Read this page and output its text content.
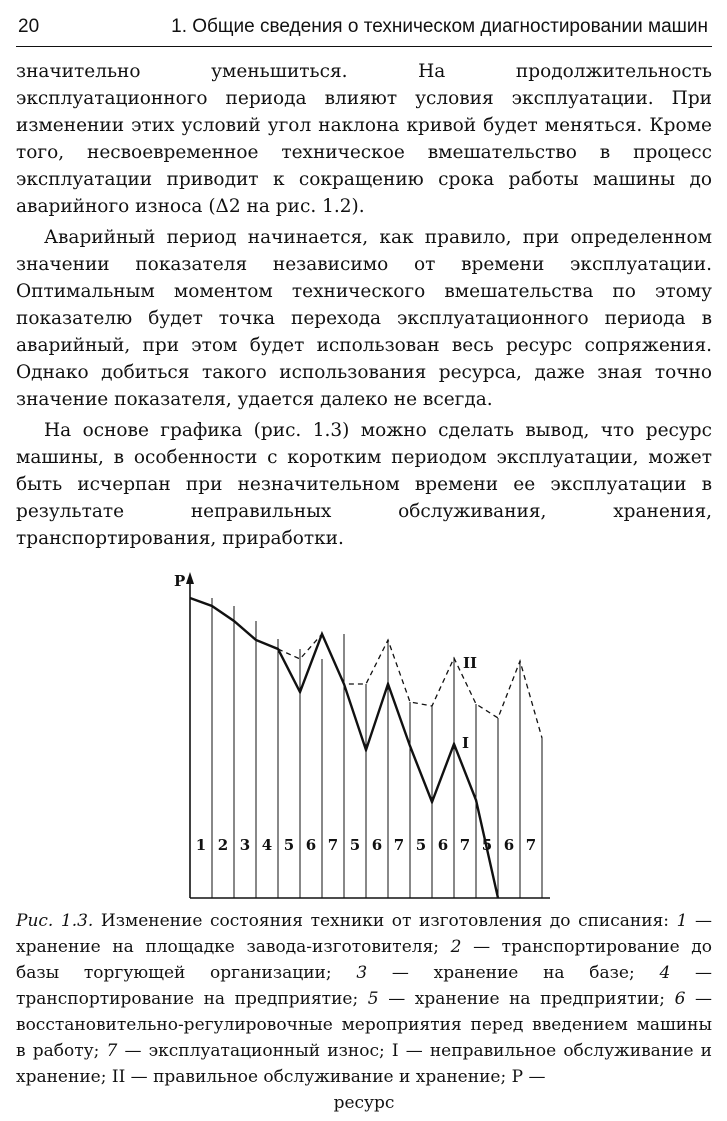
20	1. Общие сведения о техническом диагностировании машин

значительно уменьшиться. На продолжительность эксплуатационного периода влияют условия эксплуатации. При изменении этих условий угол наклона кривой будет меняться. Кроме того, несвоевременное техническое вмешательство в процесс эксплуатации приводит к сокращению срока работы машины до аварийного износа (Δ2 на рис. 1.2).

Аварийный период начинается, как правило, при определенном значении показателя независимо от времени эксплуатации. Оптимальным моментом технического вмешательства по этому показателю будет точка перехода эксплуатационного периода в аварийный, при этом будет использован весь ресурс сопряжения. Однако добиться такого использования ресурса, даже зная точно значение показателя, удается далеко не всегда.

На основе графика (рис. 1.3) можно сделать вывод, что ресурс машины, в особенности с коротким периодом эксплуатации, может быть исчерпан при незначительном времени ее эксплуатации в результате неправильных обслуживания, хранения, транспортирования, приработки.

P
1 2 3 4 5 6 7 5 6 7 5 6 7 5 6 7
II
I
Рис. 1.3. Изменение состояния техники от изготовления до списания: 1 — хранение на площадке завода-изготовителя; 2 — транспортирование до базы торгующей организации; 3 — хранение на базе; 4 — транспортирование на предприятие; 5 — хранение на предприятии; 6 — восстановительно-регулировочные мероприятия перед введением машины в работу; 7 — эксплуатационный износ; I — неправильное обслуживание и хранение; II — правильное обслуживание и хранение; P —
ресурс
